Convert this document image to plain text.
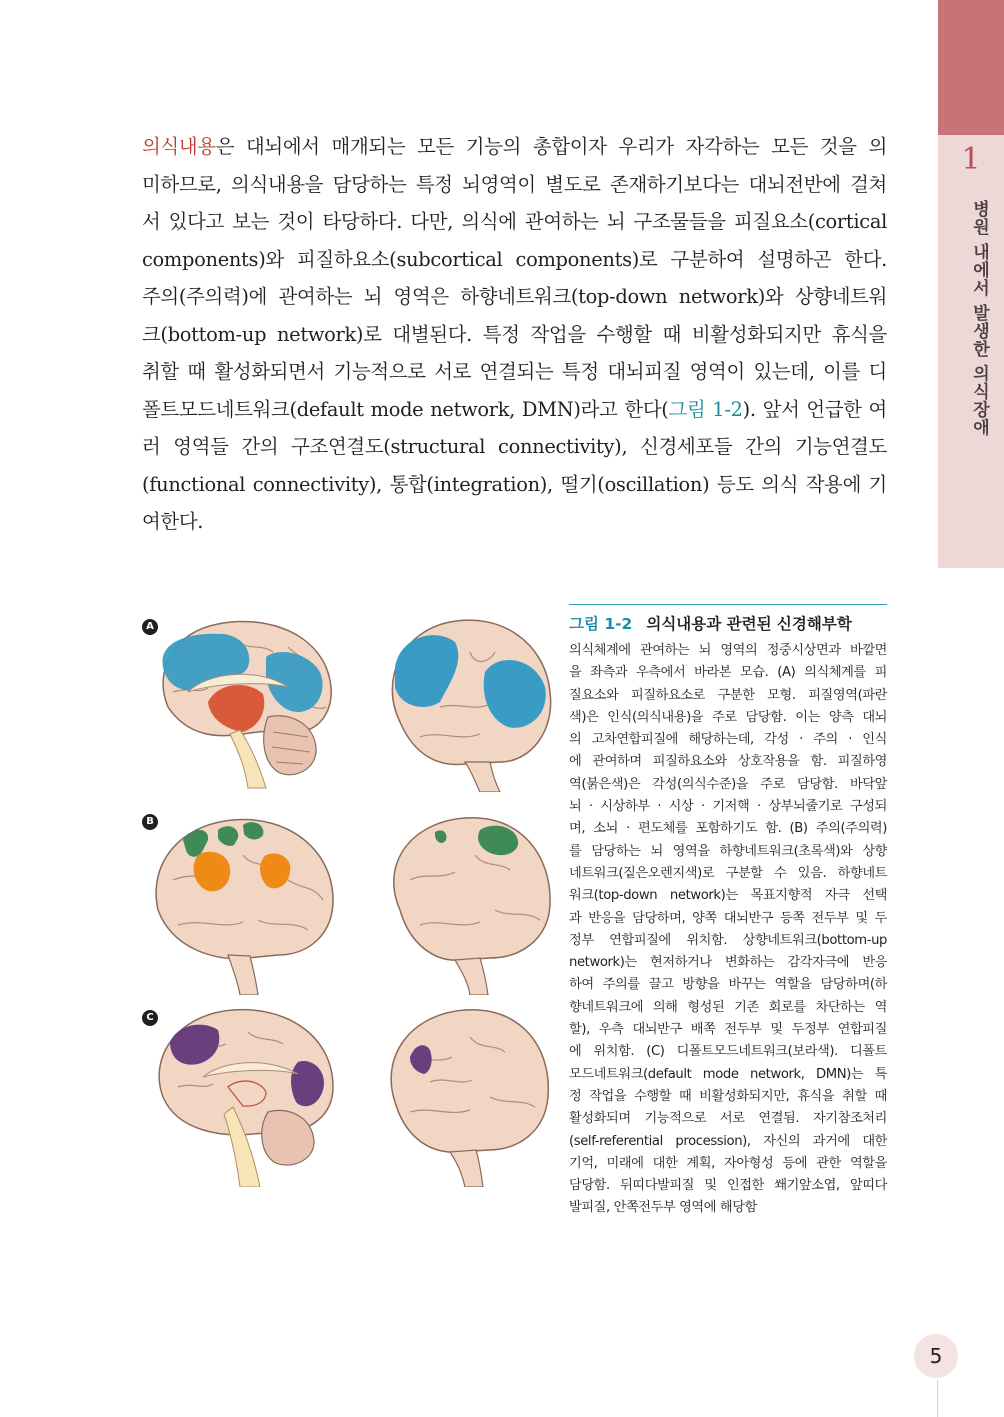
1
병원 내에서 발생한 의식장애
의식내용은 대뇌에서 매개되는 모든 기능의 총합이자 우리가 자각하는 모든 것을 의
미하므로, 의식내용을 담당하는 특정 뇌영역이 별도로 존재하기보다는 대뇌전반에 걸쳐
서 있다고 보는 것이 타당하다. 다만, 의식에 관여하는 뇌 구조물들을 피질요소(cortical
components)와 피질하요소(subcortical components)로 구분하여 설명하곤 한다.
주의(주의력)에 관여하는 뇌 영역은 하향네트워크(top-down network)와 상향네트워
크(bottom-up network)로 대별된다. 특정 작업을 수행할 때 비활성화되지만 휴식을
취할 때 활성화되면서 기능적으로 서로 연결되는 특정 대뇌피질 영역이 있는데, 이를 디
폴트모드네트워크(default mode network, DMN)라고 한다(그림 1-2). 앞서 언급한 여
러 영역들 간의 구조연결도(structural connectivity), 신경세포들 간의 기능연결도
(functional connectivity), 통합(integration), 떨기(oscillation) 등도 의식 작용에 기
여한다.
A
B
C
그림 1-2 의식내용과 관련된 신경해부학
의식체계에 관여하는 뇌 영역의 정중시상면과 바깥면
을 좌측과 우측에서 바라본 모습. (A) 의식체계를 피
질요소와 피질하요소로 구분한 모형. 피질영역(파란
색)은 인식(의식내용)을 주로 담당함. 이는 양측 대뇌
의 고차연합피질에 해당하는데, 각성 · 주의 · 인식
에 관여하며 피질하요소와 상호작용을 함. 피질하영
역(붉은색)은 각성(의식수준)을 주로 담당함. 바닥앞
뇌 · 시상하부 · 시상 · 기저핵 · 상부뇌줄기로 구성되
며, 소뇌 · 편도체를 포함하기도 함. (B) 주의(주의력)
를 담당하는 뇌 영역을 하향네트워크(초록색)와 상향
네트워크(짙은오렌지색)로 구분할 수 있음. 하향네트
워크(top-down network)는 목표지향적 자극 선택
과 반응을 담당하며, 양쪽 대뇌반구 등쪽 전두부 및 두
정부 연합피질에 위치함. 상향네트워크(bottom-up
network)는 현저하거나 변화하는 감각자극에 반응
하여 주의를 끌고 방향을 바꾸는 역할을 담당하며(하
향네트워크에 의해 형성된 기존 회로를 차단하는 역
할), 우측 대뇌반구 배쪽 전두부 및 두정부 연합피질
에 위치함. (C) 디폴트모드네트워크(보라색). 디폴트
모드네트워크(default mode network, DMN)는 특
정 작업을 수행할 때 비활성화되지만, 휴식을 취할 때
활성화되며 기능적으로 서로 연결됨. 자기참조처리
(self-referential procession), 자신의 과거에 대한
기억, 미래에 대한 계획, 자아형성 등에 관한 역할을
담당함. 뒤띠다발피질 및 인접한 쐐기앞소엽, 앞띠다
발피질, 안쪽전두부 영역에 해당함
5
